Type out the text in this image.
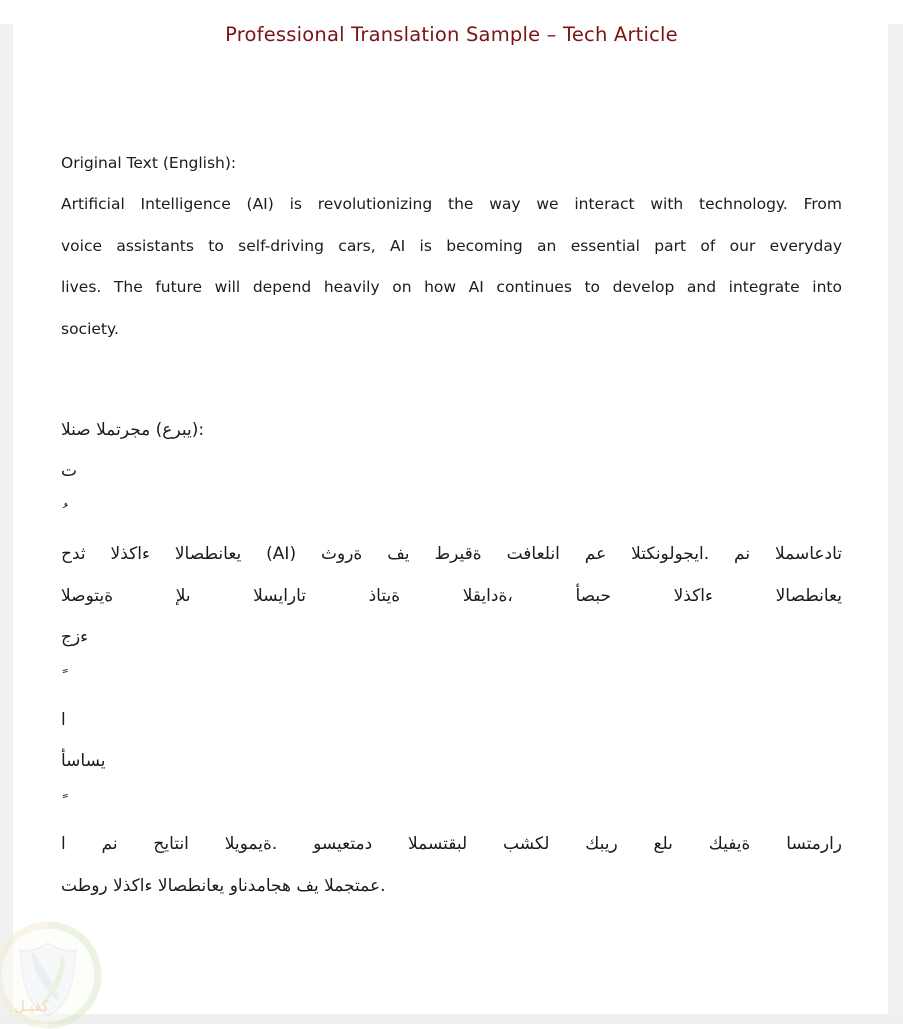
Professional Translation Sample – Tech Article
Original Text (English):
Artificial Intelligence (AI) is revolutionizing the way we interact with technology. From
voice assistants to self-driving cars, AI is becoming an essential part of our everyday
lives. The future will depend heavily on how AI continues to develop and integrate into
society.
النص المترجم (عربي):
ت
ُ
حدث الذكاء الاصطناعي (AI) ثورة في طريقة تفاعلنا مع التكنولوجيا. من المساعدات
الصوتية إلى السيارات ذاتية القيادة، أصبح الذكاء الاصطناعي
جزء
ً
ا
أساسي
ً
ا من حياتنا اليومية. وسيعتمد المستقبل بشكل كبير على كيفية استمرار
تطور الذكاء الاصطناعي واندماجه في المجتمع.
كفيـل
